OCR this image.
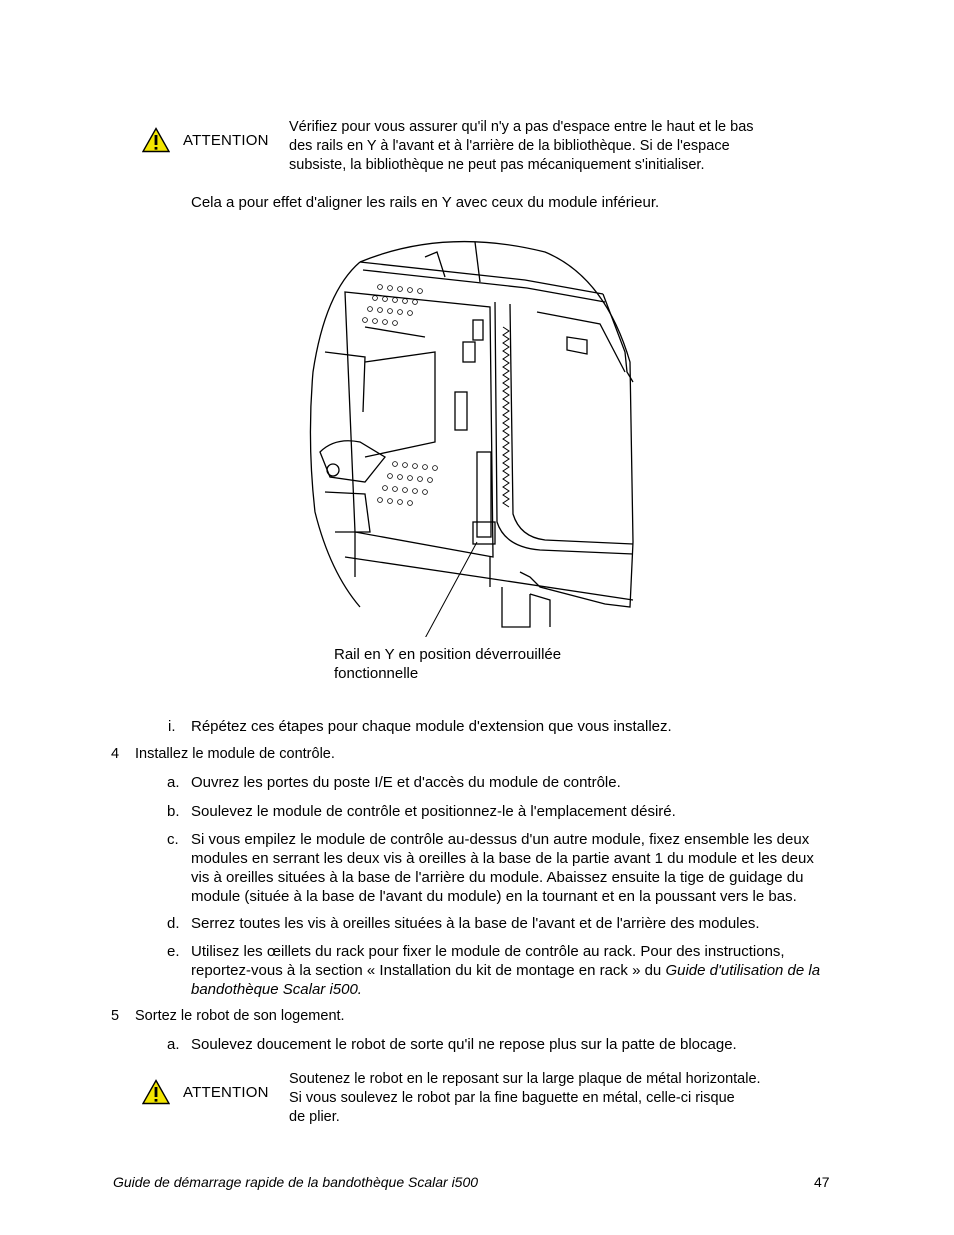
ATTENTION
Vérifiez pour vous assurer qu'il n'y a pas d'espace entre le haut et le bas
des rails en Y à l'avant et à l'arrière de la bibliothèque. Si de l'espace
subsiste, la bibliothèque ne peut pas mécaniquement s'initialiser.
Cela a pour effet d'aligner les rails en Y avec ceux du module inférieur.
Rail en Y en position déverrouillée
fonctionnelle
i.	Répétez ces étapes pour chaque module d'extension que vous installez.
4 Installez le module de contrôle.
a. Ouvrez les portes du poste I/E et d'accès du module de contrôle.
b. Soulevez le module de contrôle et positionnez-le à l'emplacement désiré.
c. Si vous empilez le module de contrôle au-dessus d'un autre module, fixez ensemble les deux
modules en serrant les deux vis à oreilles à la base de la partie avant 1 du module et les deux
vis à oreilles situées à la base de l'arrière du module. Abaissez ensuite la tige de guidage du
module (située à la base de l'avant du module) en la tournant et en la poussant vers le bas.
d. Serrez toutes les vis à oreilles situées à la base de l'avant et de l'arrière des modules.
e. Utilisez les œillets du rack pour fixer le module de contrôle au rack. Pour des instructions,
reportez-vous à la section « Installation du kit de montage en rack » du Guide d'utilisation de la
bandothèque Scalar i500.
5 Sortez le robot de son logement.
a. Soulevez doucement le robot de sorte qu'il ne repose plus sur la patte de blocage.
ATTENTION
Soutenez le robot en le reposant sur la large plaque de métal horizontale.
Si vous soulevez le robot par la fine baguette en métal, celle-ci risque
de plier.
Guide de démarrage rapide de la bandothèque Scalar i500	47
